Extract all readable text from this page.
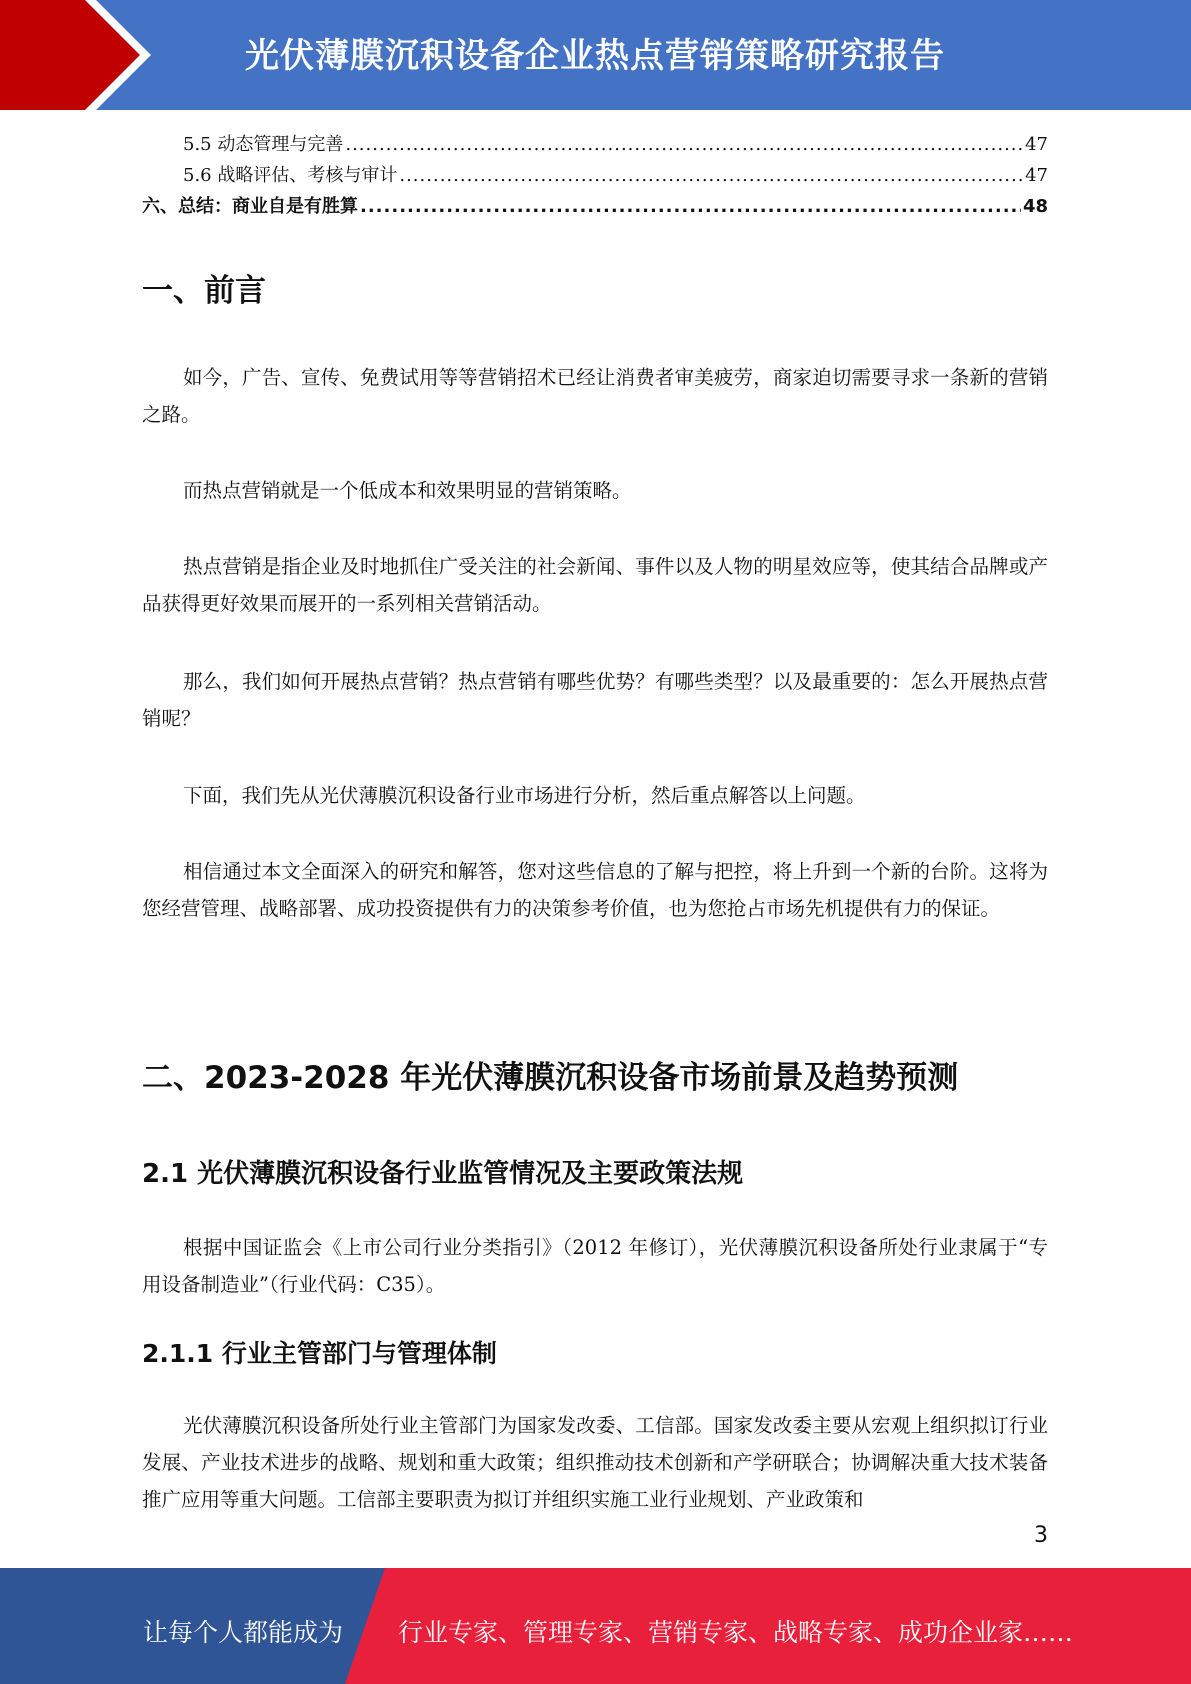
光伏薄膜沉积设备企业热点营销策略研究报告
5.5 动态管理与完善 .....	47
5.6 战略评估、考核与审计 .....	47
六、总结：商业自是有胜算 .....	48
一、前言

如今，广告、宣传、免费试用等等营销招术已经让消费者审美疲劳，商家迫切需要寻求一条新的营销之路。

而热点营销就是一个低成本和效果明显的营销策略。

热点营销是指企业及时地抓住广受关注的社会新闻、事件以及人物的明星效应等，使其结合品牌或产品获得更好效果而展开的一系列相关营销活动。

那么，我们如何开展热点营销？热点营销有哪些优势？有哪些类型？以及最重要的：怎么开展热点营销呢？

下面，我们先从光伏薄膜沉积设备行业市场进行分析，然后重点解答以上问题。

相信通过本文全面深入的研究和解答，您对这些信息的了解与把控，将上升到一个新的台阶。这将为您经营管理、战略部署、成功投资提供有力的决策参考价值，也为您抢占市场先机提供有力的保证。

二、2023-2028 年光伏薄膜沉积设备市场前景及趋势预测
2.1 光伏薄膜沉积设备行业监管情况及主要政策法规

根据中国证监会《上市公司行业分类指引》（2012 年修订），光伏薄膜沉积设备所处行业隶属于“专用设备制造业”（行业代码：C35）。

2.1.1 行业主管部门与管理体制

光伏薄膜沉积设备所处行业主管部门为国家发改委、工信部。国家发改委主要从宏观上组织拟订行业发展、产业技术进步的战略、规划和重大政策；组织推动技术创新和产学研联合；协调解决重大技术装备推广应用等重大问题。工信部主要职责为拟订并组织实施工业行业规划、产业政策和

3
让每个人都能成为 行业专家、管理专家、营销专家、战略专家、成功企业家……
